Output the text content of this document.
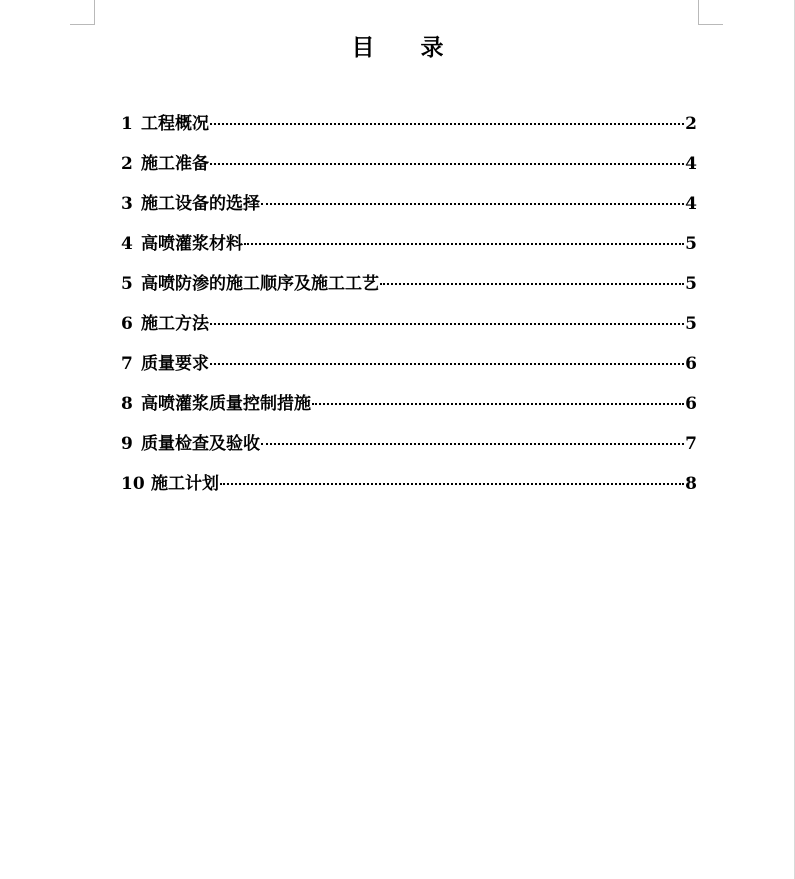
目 录
1 工程概况	2
2 施工准备	4
3 施工设备的选择	4
4 高喷灌浆材料	5
5 高喷防渗的施工顺序及施工工艺	5
6 施工方法	5
7 质量要求	6
8 高喷灌浆质量控制措施	6
9 质量检查及验收	7
10 施工计划	8
